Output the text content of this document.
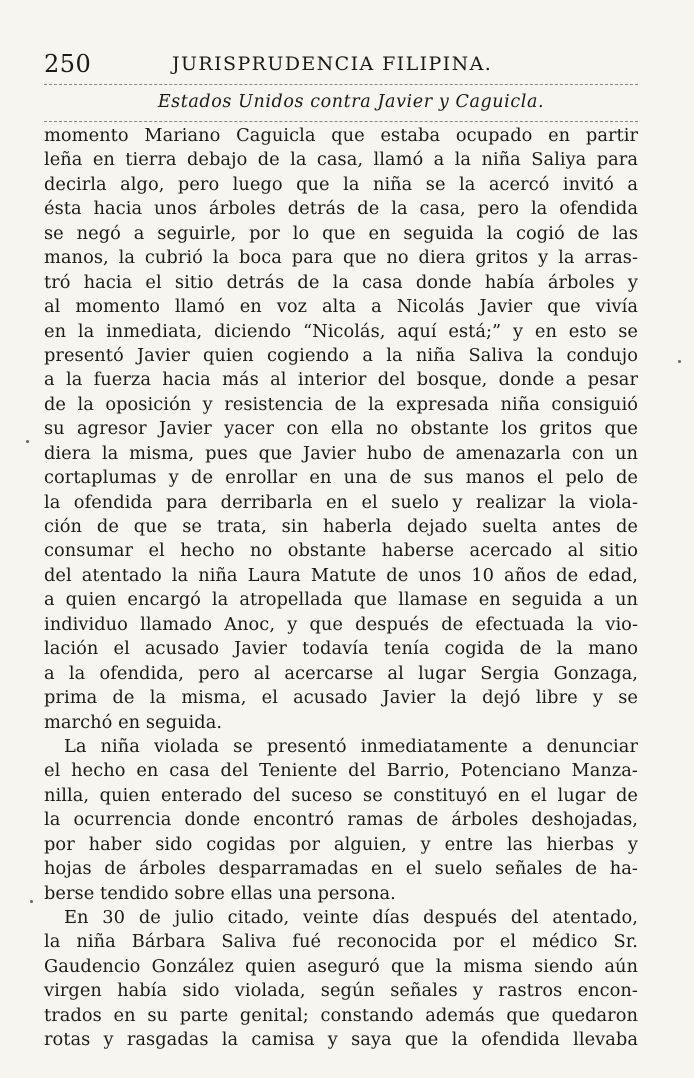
250	JURISPRUDENCIA FILIPINA.
Estados Unidos contra Javier y Caguicla.
momento Mariano Caguicla que estaba ocupado en partir
leña en tierra debajo de la casa, llamó a la niña Saliya para
decirla algo, pero luego que la niña se la acercó invitó a
ésta hacia unos árboles detrás de la casa, pero la ofendida
se negó a seguirle, por lo que en seguida la cogió de las
manos, la cubrió la boca para que no diera gritos y la arras-
tró hacia el sitio detrás de la casa donde había árboles y
al momento llamó en voz alta a Nicolás Javier que vivía
en la inmediata, diciendo “Nicolás, aquí está;” y en esto se
presentó Javier quien cogiendo a la niña Saliva la condujo
a la fuerza hacia más al interior del bosque, donde a pesar
de la oposición y resistencia de la expresada niña consiguió
su agresor Javier yacer con ella no obstante los gritos que
diera la misma, pues que Javier hubo de amenazarla con un
cortaplumas y de enrollar en una de sus manos el pelo de
la ofendida para derribarla en el suelo y realizar la viola-
ción de que se trata, sin haberla dejado suelta antes de
consumar el hecho no obstante haberse acercado al sitio
del atentado la niña Laura Matute de unos 10 años de edad,
a quien encargó la atropellada que llamase en seguida a un
individuo llamado Anoc, y que después de efectuada la vio-
lación el acusado Javier todavía tenía cogida de la mano
a la ofendida, pero al acercarse al lugar Sergia Gonzaga,
prima de la misma, el acusado Javier la dejó libre y se
marchó en seguida.
La niña violada se presentó inmediatamente a denunciar
el hecho en casa del Teniente del Barrio, Potenciano Manza-
nilla, quien enterado del suceso se constituyó en el lugar de
la ocurrencia donde encontró ramas de árboles deshojadas,
por haber sido cogidas por alguien, y entre las hierbas y
hojas de árboles desparramadas en el suelo señales de ha-
berse tendido sobre ellas una persona.
En 30 de julio citado, veinte días después del atentado,
la niña Bárbara Saliva fué reconocida por el médico Sr.
Gaudencio González quien aseguró que la misma siendo aún
virgen había sido violada, según señales y rastros encon-
trados en su parte genital; constando además que quedaron
rotas y rasgadas la camisa y saya que la ofendida llevaba
